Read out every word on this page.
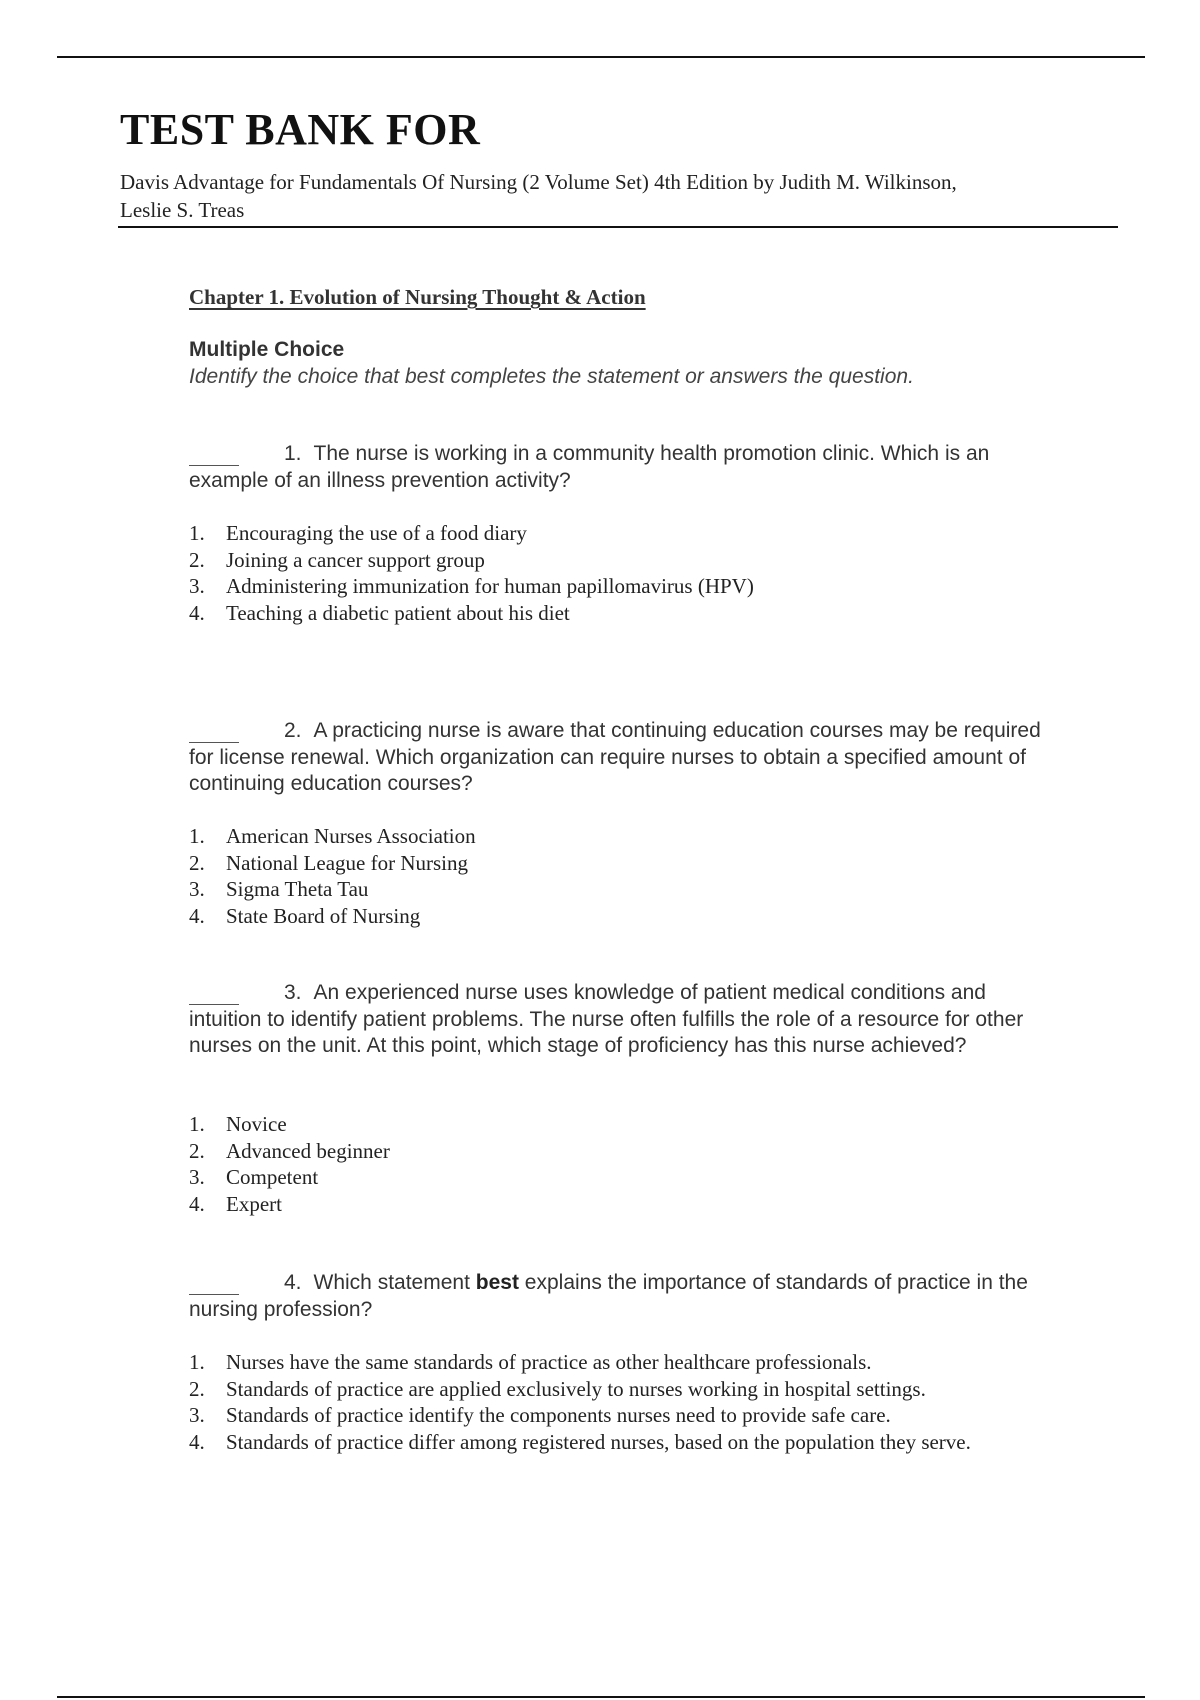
TEST BANK FOR
Davis Advantage for Fundamentals Of Nursing (2 Volume Set) 4th Edition by Judith M. Wilkinson, Leslie S. Treas
Chapter 1. Evolution of Nursing Thought & Action
Multiple Choice
Identify the choice that best completes the statement or answers the question.
1. The nurse is working in a community health promotion clinic. Which is an example of an illness prevention activity?
1. Encouraging the use of a food diary
2. Joining a cancer support group
3. Administering immunization for human papillomavirus (HPV)
4. Teaching a diabetic patient about his diet
2. A practicing nurse is aware that continuing education courses may be required for license renewal. Which organization can require nurses to obtain a specified amount of continuing education courses?
1. American Nurses Association
2. National League for Nursing
3. Sigma Theta Tau
4. State Board of Nursing
3. An experienced nurse uses knowledge of patient medical conditions and intuition to identify patient problems. The nurse often fulfills the role of a resource for other nurses on the unit. At this point, which stage of proficiency has this nurse achieved?
1. Novice
2. Advanced beginner
3. Competent
4. Expert
4. Which statement best explains the importance of standards of practice in the nursing profession?
1. Nurses have the same standards of practice as other healthcare professionals.
2. Standards of practice are applied exclusively to nurses working in hospital settings.
3. Standards of practice identify the components nurses need to provide safe care.
4. Standards of practice differ among registered nurses, based on the population they serve.
